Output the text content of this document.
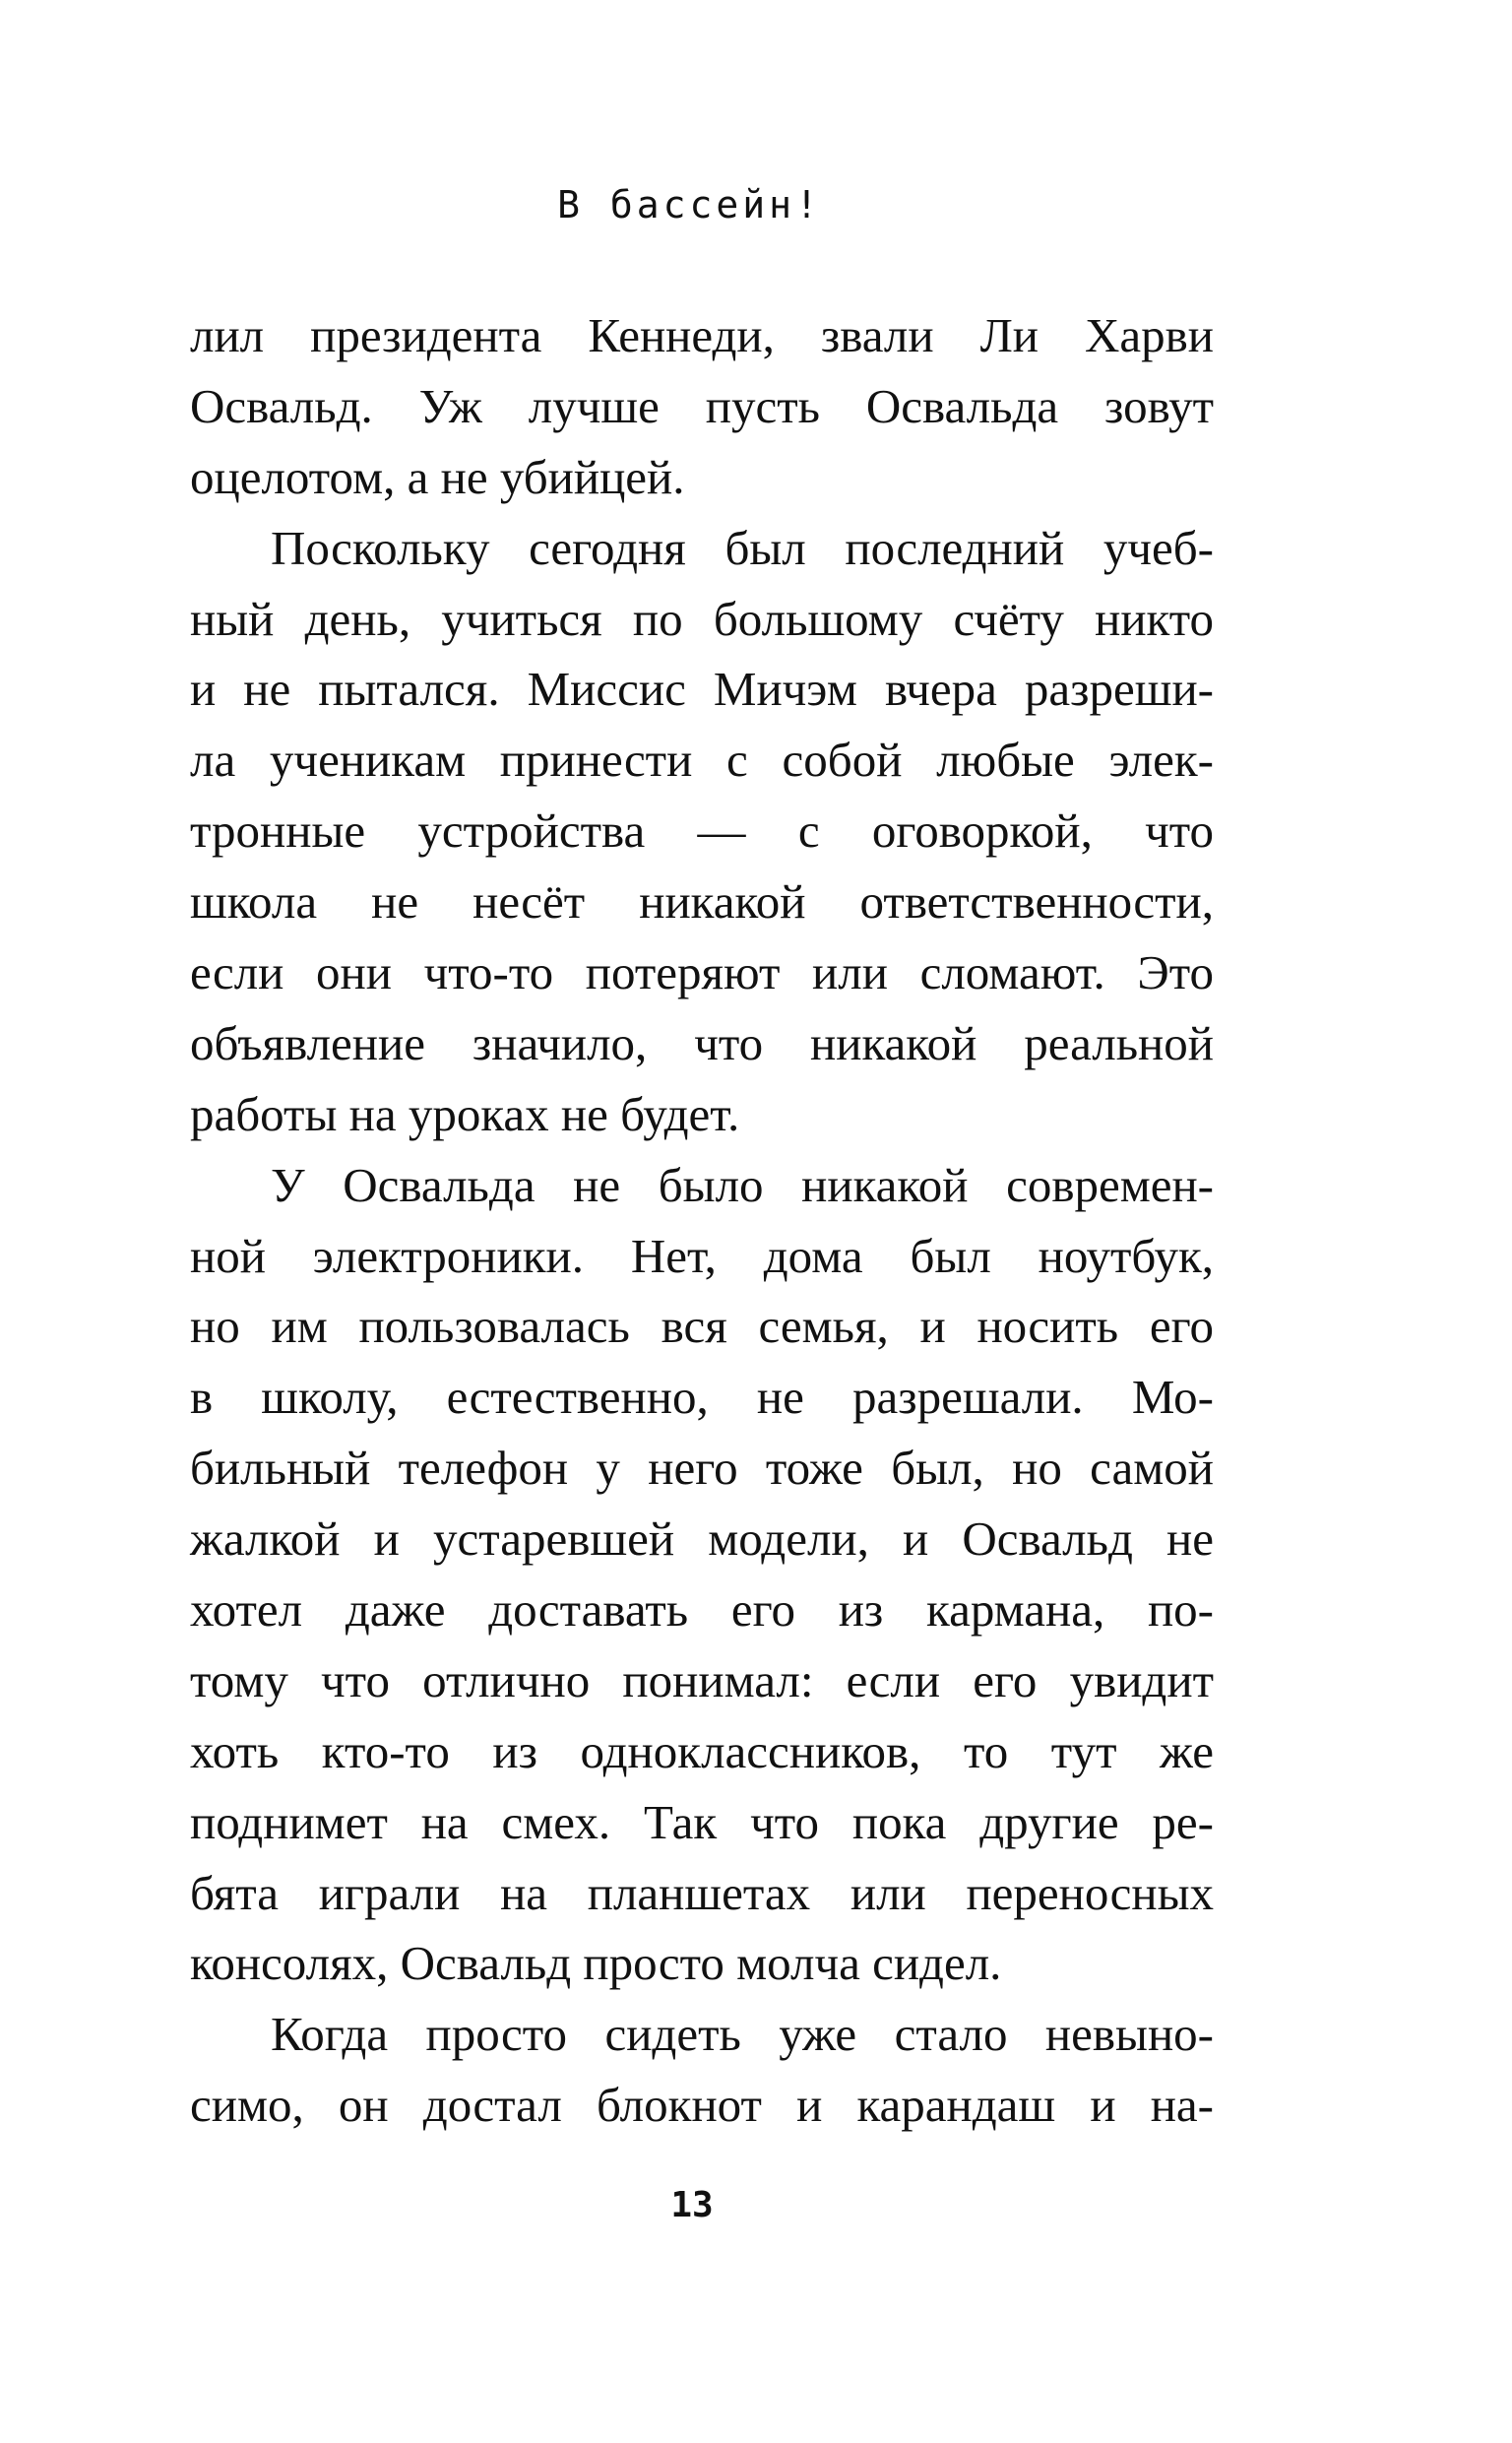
В бассейн!
лил президента Кеннеди, звали Ли Харви
Освальд. Уж лучше пусть Освальда зовут
оцелотом, а не убийцей.
Поскольку сегодня был последний учеб-
ный день, учиться по большому счёту никто
и не пытался. Миссис Мичэм вчера разреши-
ла ученикам принести с собой любые элек-
тронные устройства — с оговоркой, что
школа не несёт никакой ответственности,
если они что-то потеряют или сломают. Это
объявление значило, что никакой реальной
работы на уроках не будет.
У Освальда не было никакой современ-
ной электроники. Нет, дома был ноутбук,
но им пользовалась вся семья, и носить его
в школу, естественно, не разрешали. Мо-
бильный телефон у него тоже был, но самой
жалкой и устаревшей модели, и Освальд не
хотел даже доставать его из кармана, по-
тому что отлично понимал: если его увидит
хоть кто-то из одноклассников, то тут же
поднимет на смех. Так что пока другие ре-
бята играли на планшетах или переносных
консолях, Освальд просто молча сидел.
Когда просто сидеть уже стало невыно-
симо, он достал блокнот и карандаш и на-
13
